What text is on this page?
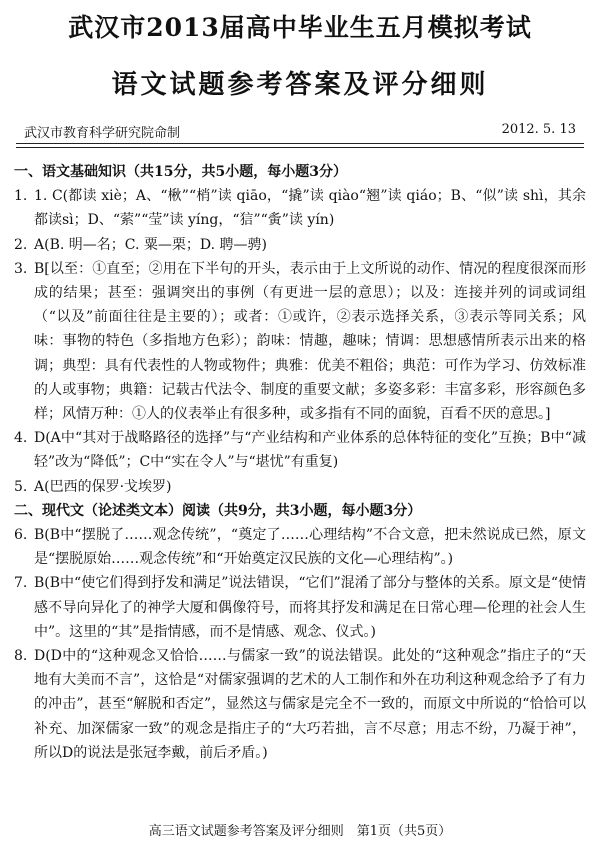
武汉市2013届高中毕业生五月模拟考试
语文试题参考答案及评分细则
武汉市教育科学研究院命制	2012. 5. 13
一、语文基础知识（共15分，共5小题，每小题3分）
1. 1. C(都读 xiè；A、“楸”“梢”读 qiāo，“撬”读 qiào“翘”读 qiáo；B、“似”读 shì，其余都读sì；D、“萦”“莹”读 yíng，“狺”“夤”读 yín)
2. A(B. 明—名；C. 粟—栗；D. 聘—骋)
3. B[以至：①直至；②用在下半句的开头，表示由于上文所说的动作、情况的程度很深而形成的结果；甚至：强调突出的事例（有更进一层的意思）；以及：连接并列的词或词组（“以及”前面往往是主要的）；或者：①或许，②表示选择关系，③表示等同关系；风味：事物的特色（多指地方色彩）；韵味：情趣，趣味；情调：思想感情所表示出来的格调；典型：具有代表性的人物或物件；典雅：优美不粗俗；典范：可作为学习、仿效标准的人或事物；典籍：记载古代法令、制度的重要文献；多姿多彩：丰富多彩，形容颜色多样；风情万种：①人的仪表举止有很多种，或多指有不同的面貌，百看不厌的意思。]
4. D(A中“其对于战略路径的选择”与“产业结构和产业体系的总体特征的变化”互换；B中“减轻”改为“降低”；C中“实在令人”与“堪忧”有重复)
5. A(巴西的保罗·戈埃罗)
二、现代文（论述类文本）阅读（共9分，共3小题，每小题3分）
6. B(B中“摆脱了……观念传统”，“奠定了……心理结构”不合文意，把未然说成已然，原文是“摆脱原始……观念传统”和“开始奠定汉民族的文化—心理结构”。)
7. B(B中“使它们得到抒发和满足”说法错误，“它们”混淆了部分与整体的关系。原文是“使情感不导向异化了的神学大厦和偶像符号，而将其抒发和满足在日常心理—伦理的社会人生中”。这里的“其”是指情感，而不是情感、观念、仪式。)
8. D(D中的“这种观念又恰恰……与儒家一致”的说法错误。此处的“这种观念”指庄子的“天地有大美而不言”，这恰是“对儒家强调的艺术的人工制作和外在功利这种观念给予了有力的冲击”，甚至“解脱和否定”，显然这与儒家是完全不一致的，而原文中所说的“恰恰可以补充、加深儒家一致”的观念是指庄子的“大巧若拙，言不尽意；用志不纷，乃凝于神”，所以D的说法是张冠李戴，前后矛盾。)
高三语文试题参考答案及评分细则　第1页（共5页）
